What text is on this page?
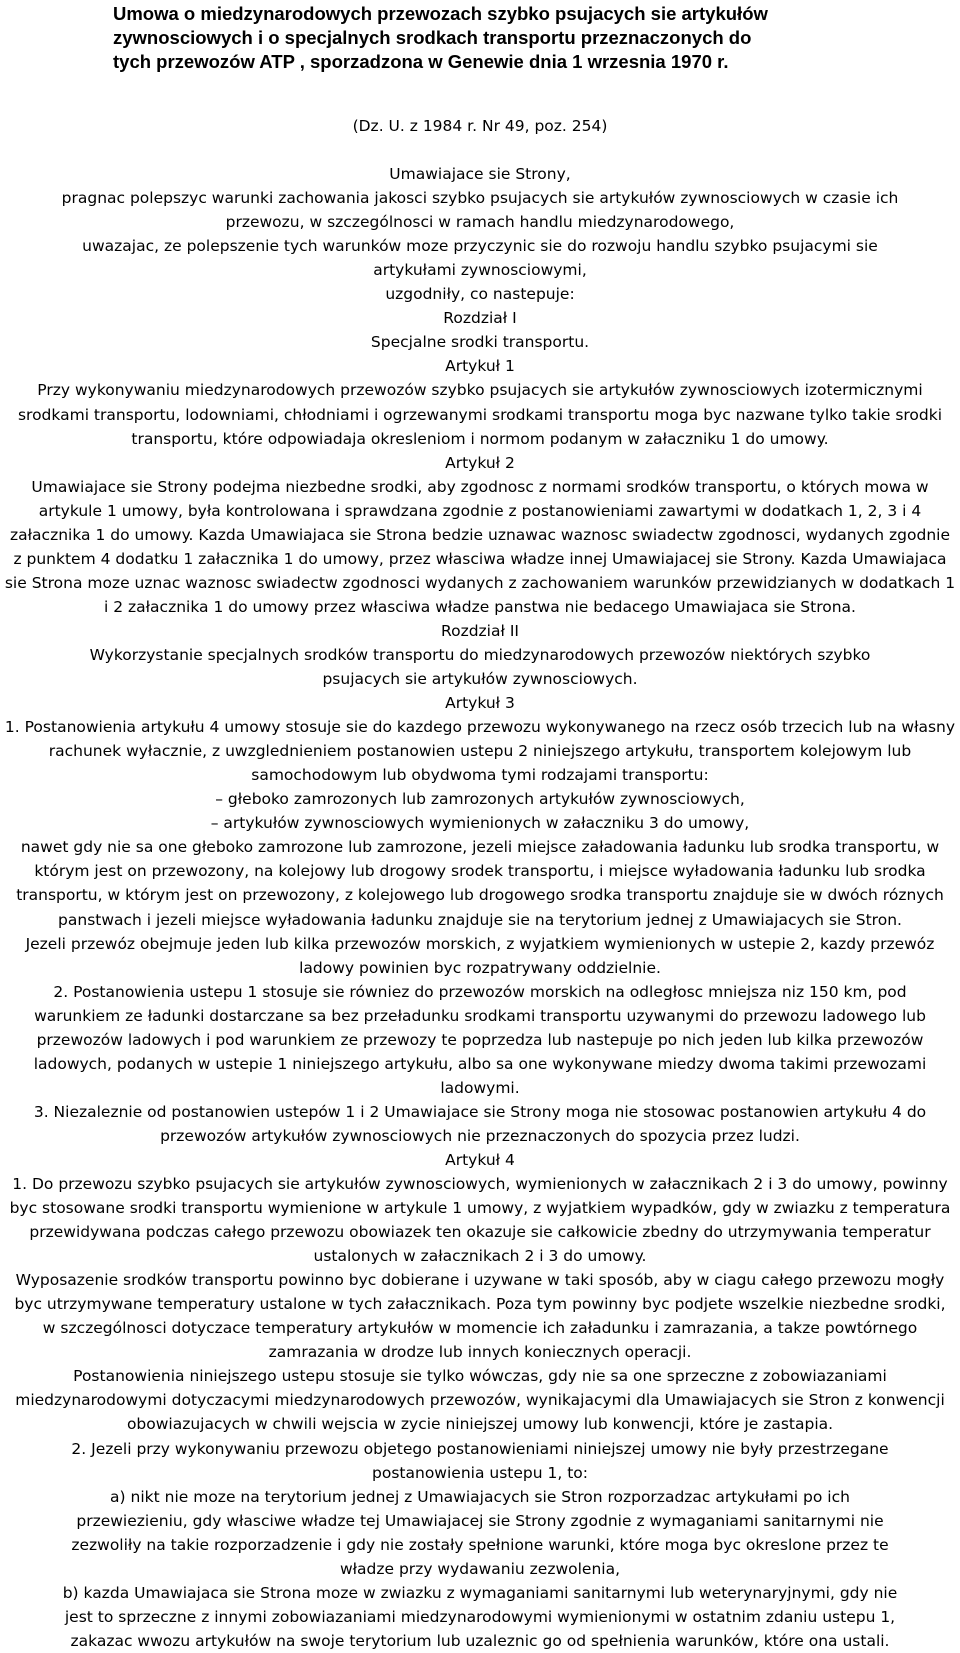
Umowa o miedzynarodowych przewozach szybko psujacych sie artykułów
zywnosciowych i o specjalnych srodkach transportu przeznaczonych do
tych przewozów ATP , sporzadzona w Genewie dnia 1 wrzesnia 1970 r.

(Dz. U. z 1984 r. Nr 49, poz. 254)

Umawiajace sie Strony,

pragnac polepszyc warunki zachowania jakosci szybko psujacych sie artykułów zywnosciowych w czasie ich przewozu, w szczególnosci w ramach handlu miedzynarodowego,

uwazajac, ze polepszenie tych warunków moze przyczynic sie do rozwoju handlu szybko psujacymi sie artykułami zywnosciowymi,

uzgodniły, co nastepuje:

Rozdział I

Specjalne srodki transportu.

Artykuł 1

Przy wykonywaniu miedzynarodowych przewozów szybko psujacych sie artykułów zywnosciowych izotermicznymi srodkami transportu, lodowniami, chłodniami i ogrzewanymi srodkami transportu moga byc nazwane tylko takie srodki transportu, które odpowiadaja okresleniom i normom podanym w załaczniku 1 do umowy.

Artykuł 2

Umawiajace sie Strony podejma niezbedne srodki, aby zgodnosc z normami srodków transportu, o których mowa w artykule 1 umowy, była kontrolowana i sprawdzana zgodnie z postanowieniami zawartymi w dodatkach 1, 2, 3 i 4 załacznika 1 do umowy. Kazda Umawiajaca sie Strona bedzie uznawac waznosc swiadectw zgodnosci, wydanych zgodnie z punktem 4 dodatku 1 załacznika 1 do umowy, przez własciwa władze innej Umawiajacej sie Strony. Kazda Umawiajaca sie Strona moze uznac waznosc swiadectw zgodnosci wydanych z zachowaniem warunków przewidzianych w dodatkach 1 i 2 załacznika 1 do umowy przez własciwa władze panstwa nie bedacego Umawiajaca sie Strona.

Rozdział II

Wykorzystanie specjalnych srodków transportu do miedzynarodowych przewozów niektórych szybko psujacych sie artykułów zywnosciowych.

Artykuł 3

1. Postanowienia artykułu 4 umowy stosuje sie do kazdego przewozu wykonywanego na rzecz osób trzecich lub na własny rachunek wyłacznie, z uwzglednieniem postanowien ustepu 2 niniejszego artykułu, transportem kolejowym lub samochodowym lub obydwoma tymi rodzajami transportu:

– głeboko zamrozonych lub zamrozonych artykułów zywnosciowych,

– artykułów zywnosciowych wymienionych w załaczniku 3 do umowy,

nawet gdy nie sa one głeboko zamrozone lub zamrozone, jezeli miejsce załadowania ładunku lub srodka transportu, w którym jest on przewozony, na kolejowy lub drogowy srodek transportu, i miejsce wyładowania ładunku lub srodka transportu, w którym jest on przewozony, z kolejowego lub drogowego srodka transportu znajduje sie w dwóch róznych panstwach i jezeli miejsce wyładowania ładunku znajduje sie na terytorium jednej z Umawiajacych sie Stron.

Jezeli przewóz obejmuje jeden lub kilka przewozów morskich, z wyjatkiem wymienionych w ustepie 2, kazdy przewóz ladowy powinien byc rozpatrywany oddzielnie.

2. Postanowienia ustepu 1 stosuje sie równiez do przewozów morskich na odległosc mniejsza niz 150 km, pod warunkiem ze ładunki dostarczane sa bez przeładunku srodkami transportu uzywanymi do przewozu ladowego lub przewozów ladowych i pod warunkiem ze przewozy te poprzedza lub nastepuje po nich jeden lub kilka przewozów ladowych, podanych w ustepie 1 niniejszego artykułu, albo sa one wykonywane miedzy dwoma takimi przewozami ladowymi.

3. Niezaleznie od postanowien ustepów 1 i 2 Umawiajace sie Strony moga nie stosowac postanowien artykułu 4 do przewozów artykułów zywnosciowych nie przeznaczonych do spozycia przez ludzi.

Artykuł 4

1. Do przewozu szybko psujacych sie artykułów zywnosciowych, wymienionych w załacznikach 2 i 3 do umowy, powinny byc stosowane srodki transportu wymienione w artykule 1 umowy, z wyjatkiem wypadków, gdy w zwiazku z temperatura przewidywana podczas całego przewozu obowiazek ten okazuje sie całkowicie zbedny do utrzymywania temperatur ustalonych w załacznikach 2 i 3 do umowy.

Wyposazenie srodków transportu powinno byc dobierane i uzywane w taki sposób, aby w ciagu całego przewozu mogły byc utrzymywane temperatury ustalone w tych załacznikach. Poza tym powinny byc podjete wszelkie niezbedne srodki, w szczególnosci dotyczace temperatury artykułów w momencie ich załadunku i zamrazania, a takze powtórnego zamrazania w drodze lub innych koniecznych operacji.

Postanowienia niniejszego ustepu stosuje sie tylko wówczas, gdy nie sa one sprzeczne z zobowiazaniami miedzynarodowymi dotyczacymi miedzynarodowych przewozów, wynikajacymi dla Umawiajacych sie Stron z konwencji obowiazujacych w chwili wejscia w zycie niniejszej umowy lub konwencji, które je zastapia.

2. Jezeli przy wykonywaniu przewozu objetego postanowieniami niniejszej umowy nie były przestrzegane postanowienia ustepu 1, to:

a) nikt nie moze na terytorium jednej z Umawiajacych sie Stron rozporzadzac artykułami po ich przewiezieniu, gdy własciwe władze tej Umawiajacej sie Strony zgodnie z wymaganiami sanitarnymi nie zezwoliły na takie rozporzadzenie i gdy nie zostały spełnione warunki, które moga byc okreslone przez te władze przy wydawaniu zezwolenia,

b) kazda Umawiajaca sie Strona moze w zwiazku z wymaganiami sanitarnymi lub weterynaryjnymi, gdy nie jest to sprzeczne z innymi zobowiazaniami miedzynarodowymi wymienionymi w ostatnim zdaniu ustepu 1, zakazac wwozu artykułów na swoje terytorium lub uzaleznic go od spełnienia warunków, które ona ustali.
